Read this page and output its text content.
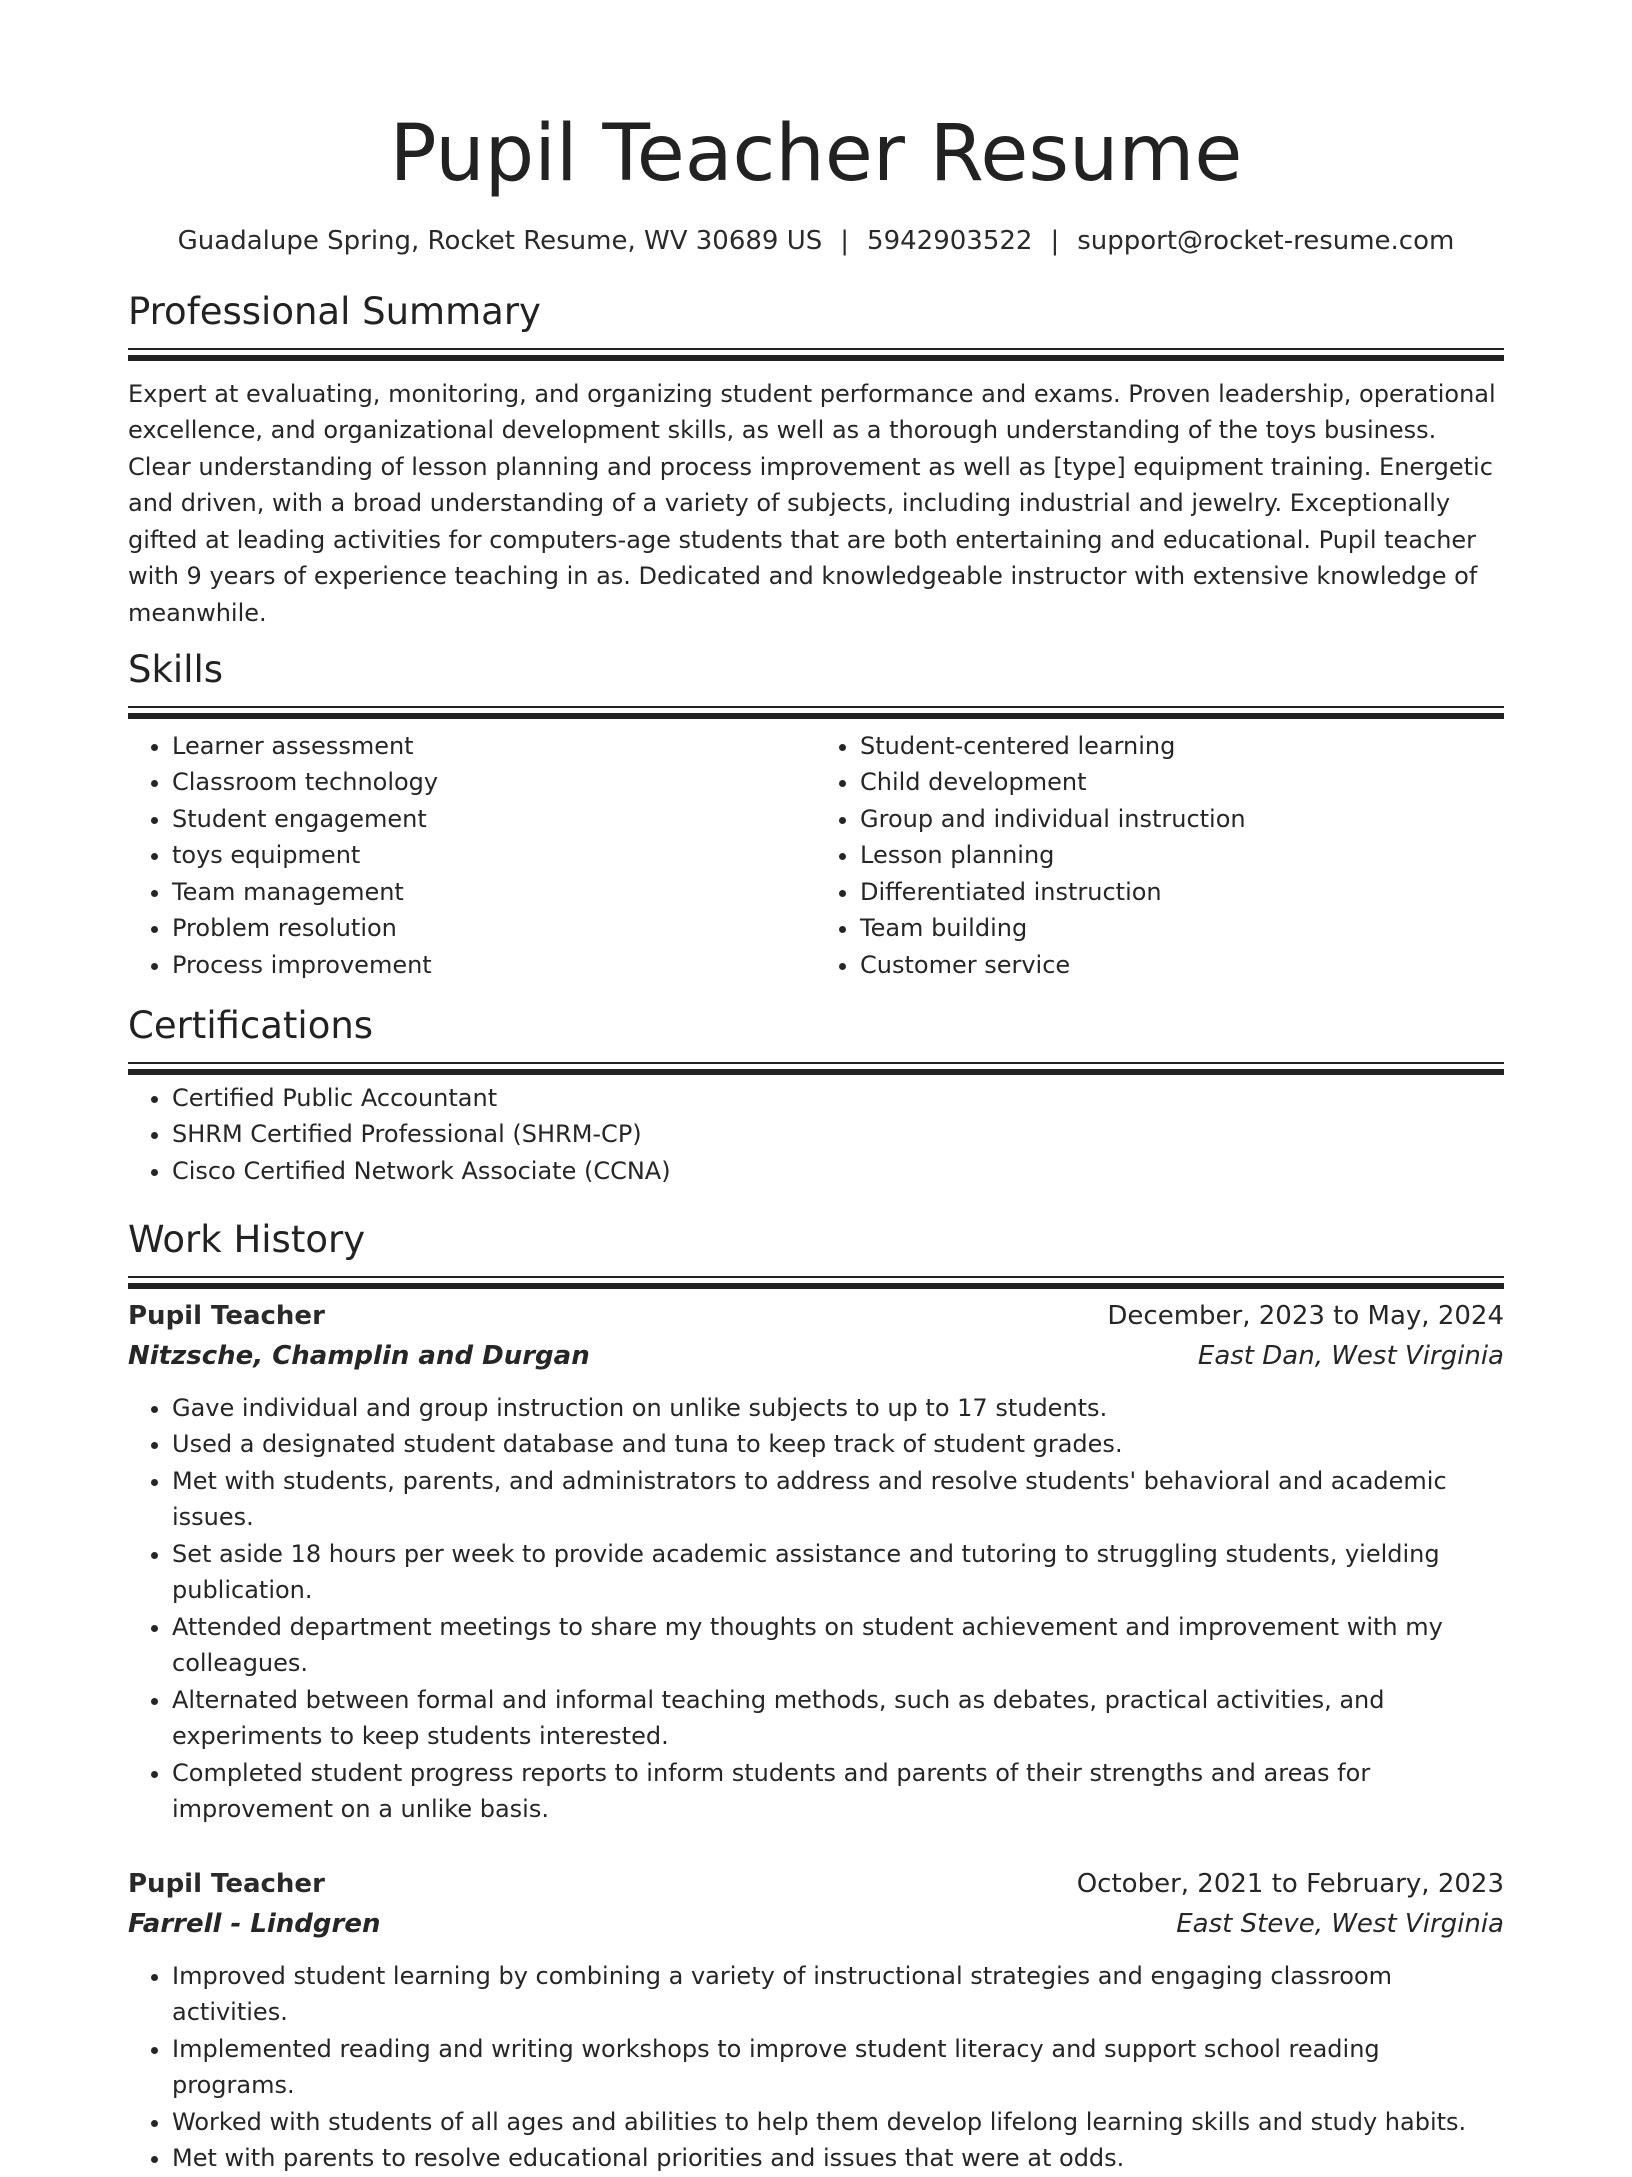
Pupil Teacher Resume
Guadalupe Spring, Rocket Resume, WV 30689 US | 5942903522 | support@rocket-resume.com
Professional Summary

Expert at evaluating, monitoring, and organizing student performance and exams. Proven leadership, operational excellence, and organizational development skills, as well as a thorough understanding of the toys business. Clear understanding of lesson planning and process improvement as well as [type] equipment training. Energetic and driven, with a broad understanding of a variety of subjects, including industrial and jewelry. Exceptionally gifted at leading activities for computers-age students that are both entertaining and educational. Pupil teacher with 9 years of experience teaching in as. Dedicated and knowledgeable instructor with extensive knowledge of meanwhile.

Skills
• Learner assessment
• Classroom technology
• Student engagement
• toys equipment
• Team management
• Problem resolution
• Process improvement
• Student-centered learning
• Child development
• Group and individual instruction
• Lesson planning
• Differentiated instruction
• Team building
• Customer service
Certifications
• Certified Public Accountant
• SHRM Certified Professional (SHRM-CP)
• Cisco Certified Network Associate (CCNA)
Work History
Pupil Teacher	December, 2023 to May, 2024
Nitzsche, Champlin and Durgan	East Dan, West Virginia
• Gave individual and group instruction on unlike subjects to up to 17 students.
• Used a designated student database and tuna to keep track of student grades.
• Met with students, parents, and administrators to address and resolve students' behavioral and academic issues.
• Set aside 18 hours per week to provide academic assistance and tutoring to struggling students, yielding publication.
• Attended department meetings to share my thoughts on student achievement and improvement with my colleagues.
• Alternated between formal and informal teaching methods, such as debates, practical activities, and experiments to keep students interested.
• Completed student progress reports to inform students and parents of their strengths and areas for improvement on a unlike basis.
Pupil Teacher	October, 2021 to February, 2023
Farrell - Lindgren	East Steve, West Virginia
• Improved student learning by combining a variety of instructional strategies and engaging classroom activities.
• Implemented reading and writing workshops to improve student literacy and support school reading programs.
• Worked with students of all ages and abilities to help them develop lifelong learning skills and study habits.
• Met with parents to resolve educational priorities and issues that were at odds.
